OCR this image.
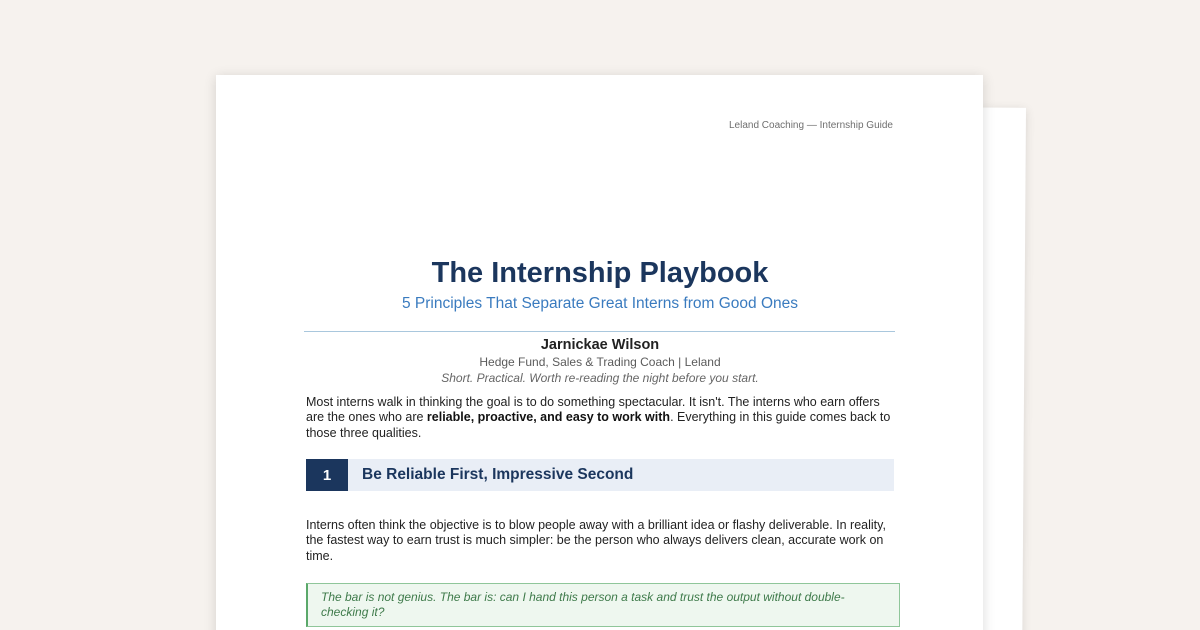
Leland Coaching — Internship Guide
The Internship Playbook

5 Principles That Separate Great Interns from Good Ones

Jarnickae Wilson
Hedge Fund, Sales & Trading Coach | Leland
Short. Practical. Worth re-reading the night before you start.
Most interns walk in thinking the goal is to do something spectacular. It isn't. The interns who earn offers are the ones who are reliable, proactive, and easy to work with. Everything in this guide comes back to those three qualities.
1	Be Reliable First, Impressive Second
Interns often think the objective is to blow people away with a brilliant idea or flashy deliverable. In reality, the fastest way to earn trust is much simpler: be the person who always delivers clean, accurate work on time.
The bar is not genius. The bar is: can I hand this person a task and trust the output without double-checking it?
